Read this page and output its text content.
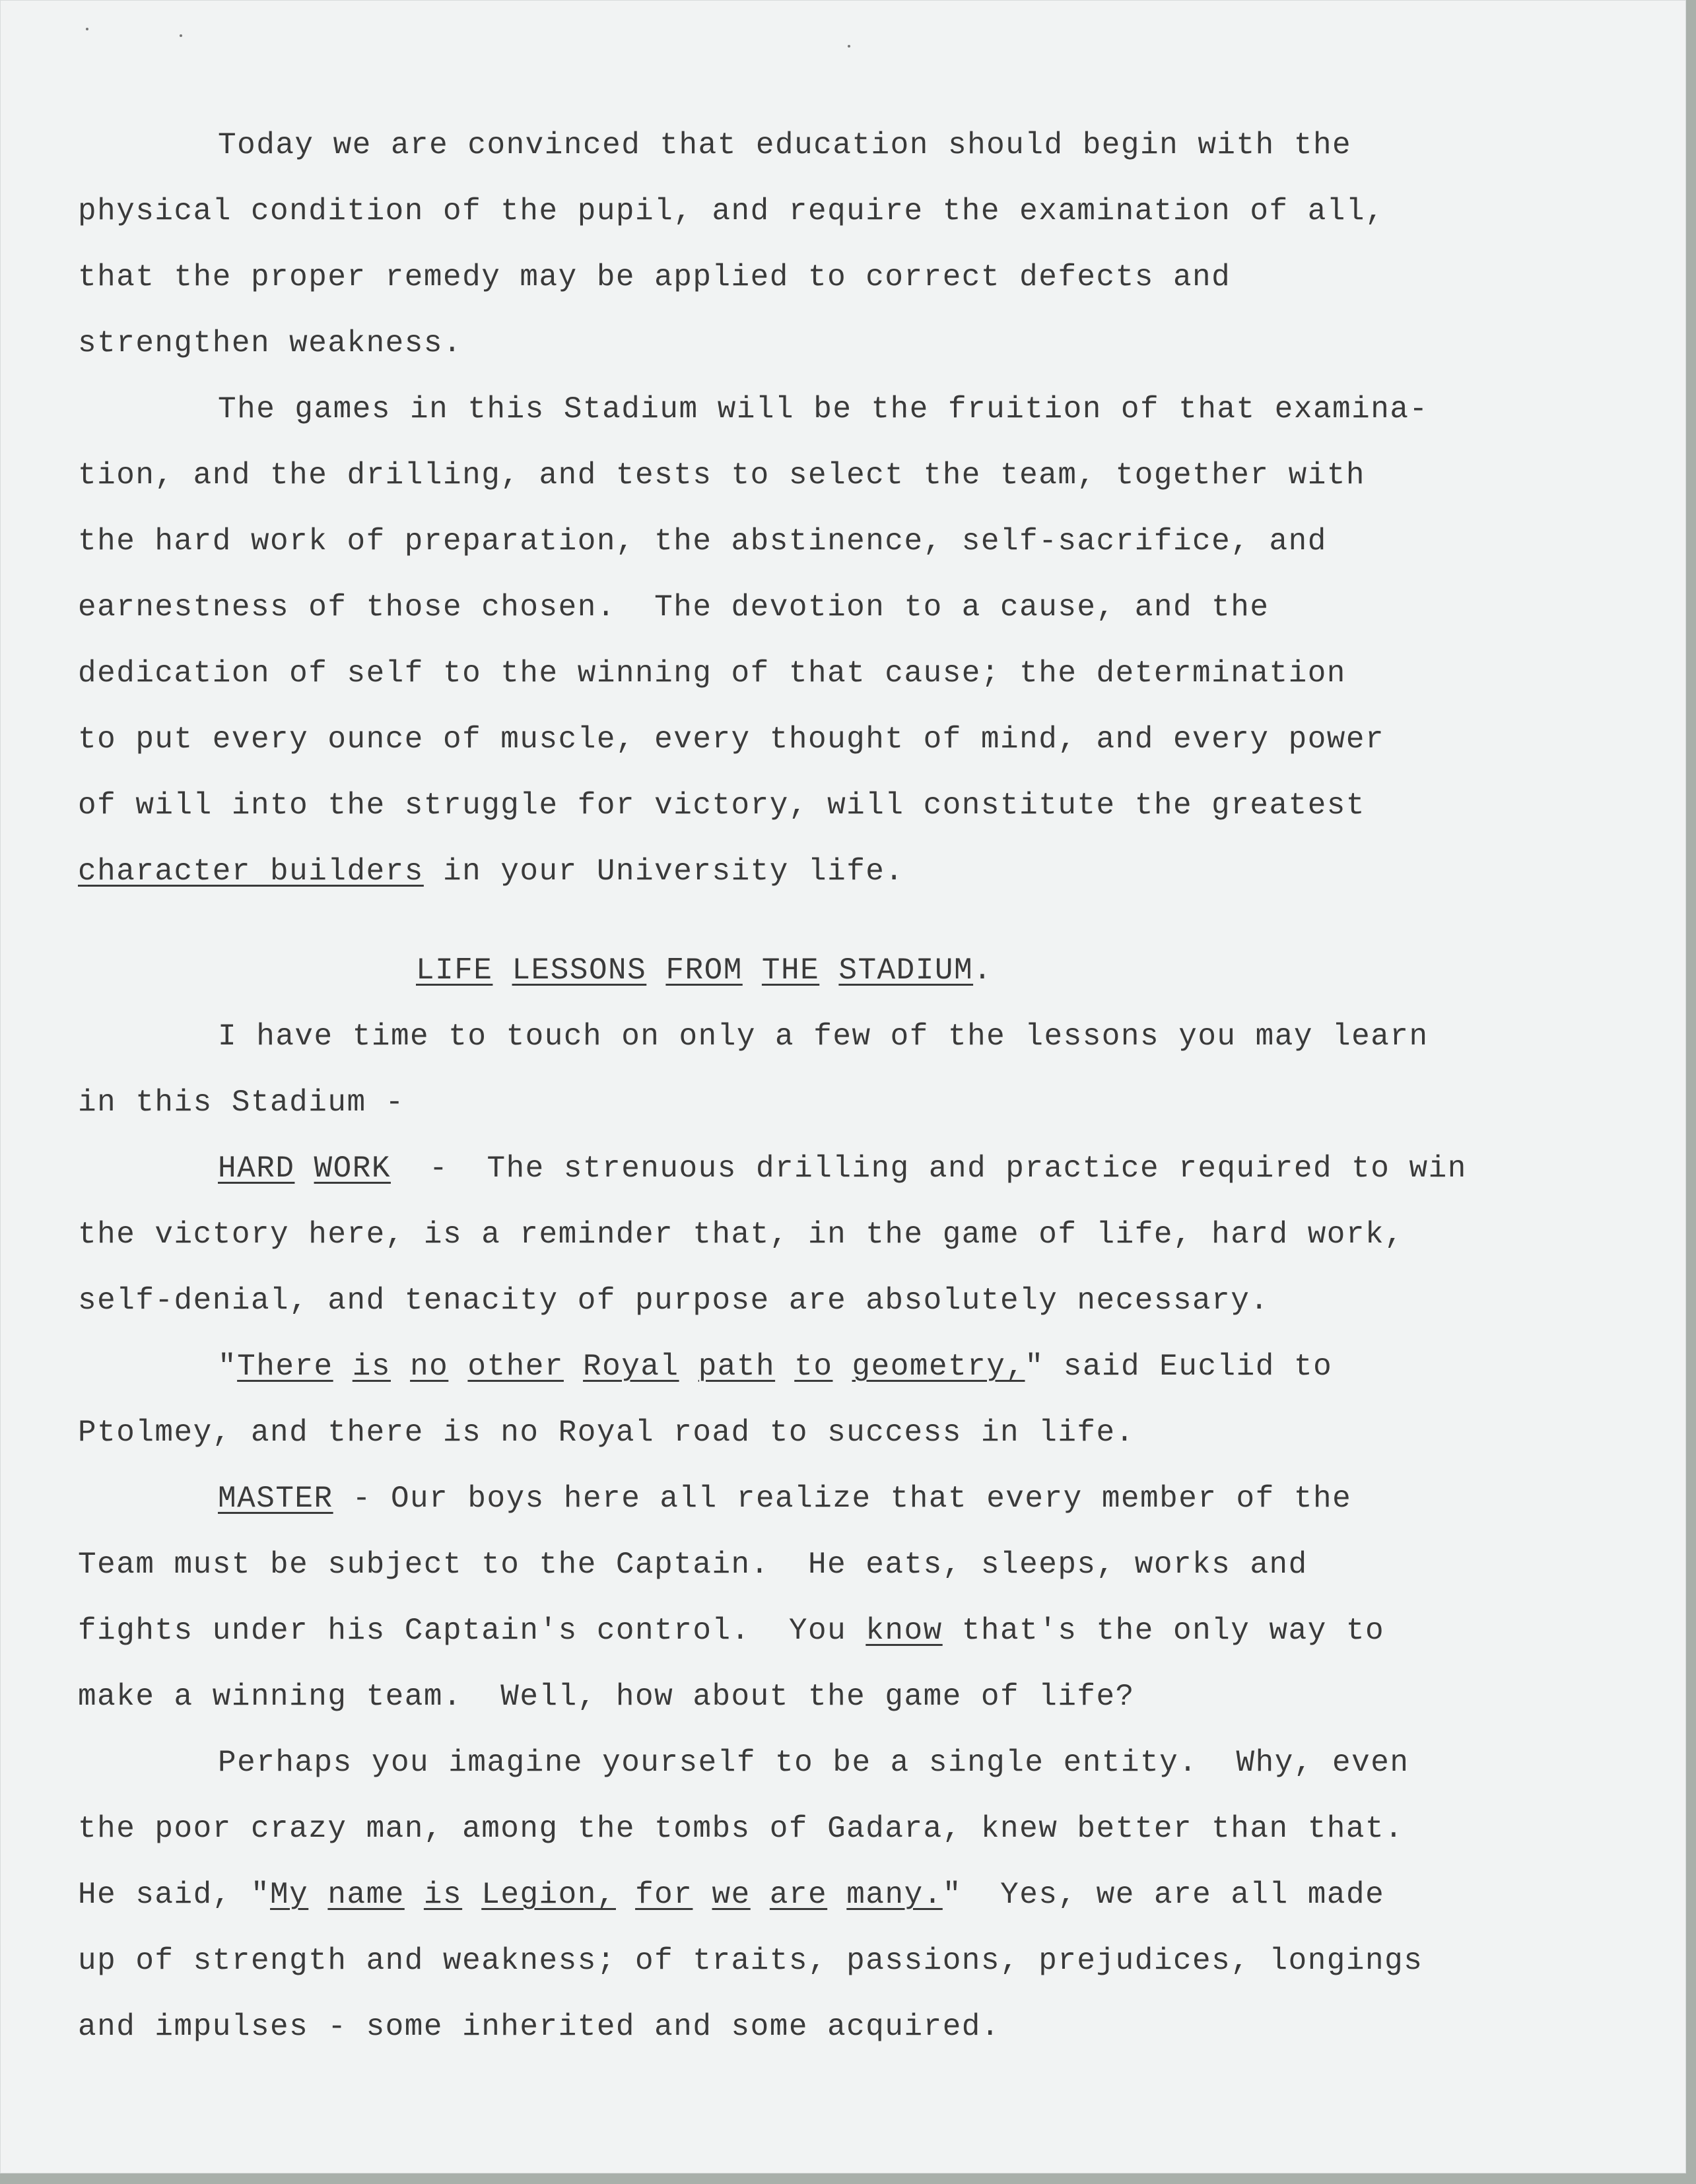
Today we are convinced that education should begin with the

physical condition of the pupil, and require the examination of all,

that the proper remedy may be applied to correct defects and

strengthen weakness.

The games in this Stadium will be the fruition of that examina-

tion, and the drilling, and tests to select the team, together with

the hard work of preparation, the abstinence, self-sacrifice, and

earnestness of those chosen.  The devotion to a cause, and the

dedication of self to the winning of that cause; the determination

to put every ounce of muscle, every thought of mind, and every power

of will into the struggle for victory, will constitute the greatest

character builders in your University life.

LIFE LESSONS FROM THE STADIUM.

I have time to touch on only a few of the lessons you may learn

in this Stadium -

HARD WORK  -  The strenuous drilling and practice required to win

the victory here, is a reminder that, in the game of life, hard work,

self-denial, and tenacity of purpose are absolutely necessary.

"There is no other Royal path to geometry," said Euclid to

Ptolmey, and there is no Royal road to success in life.

MASTER - Our boys here all realize that every member of the

Team must be subject to the Captain.  He eats, sleeps, works and

fights under his Captain's control.  You know that's the only way to

make a winning team.  Well, how about the game of life?

Perhaps you imagine yourself to be a single entity.  Why, even

the poor crazy man, among the tombs of Gadara, knew better than that.

He said, "My name is Legion, for we are many."  Yes, we are all made

up of strength and weakness; of traits, passions, prejudices, longings

and impulses - some inherited and some acquired.
